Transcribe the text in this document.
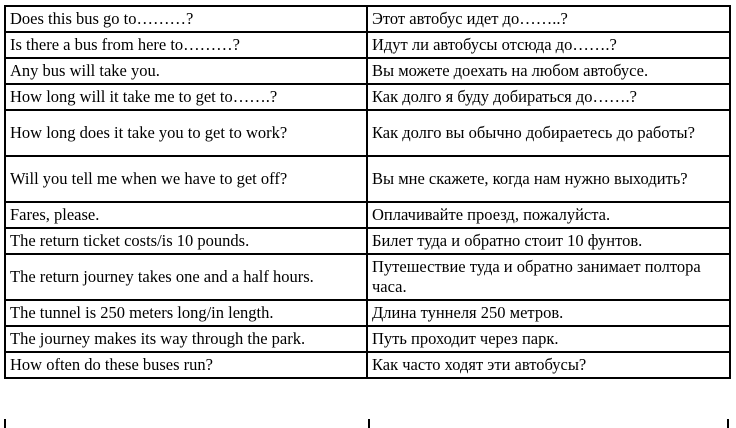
Does this bus go to………?	Этот автобус идет до……..?
Is there a bus from here to………?	Идут ли автобусы отсюда до…….?
Any bus will take you.	Вы можете доехать на любом автобусе.
How long will it take me to get to…….?	Как долго я буду добираться до…….?
How long does it take you to get to work?	Как долго вы обычно добираетесь до работы?
Will you tell me when we have to get off?	Вы мне скажете, когда нам нужно выходить?
Fares, please.	Оплачивайте проезд, пожалуйста.
The return ticket costs/is 10 pounds.	Билет туда и обратно стоит 10 фунтов.
The return journey takes one and a half hours.	Путешествие туда и обратно занимает полтора часа.
The tunnel is 250 meters long/in length.	Длина туннеля 250 метров.
The journey makes its way through the park.	Путь проходит через парк.
How often do these buses run?	Как часто ходят эти автобусы?
